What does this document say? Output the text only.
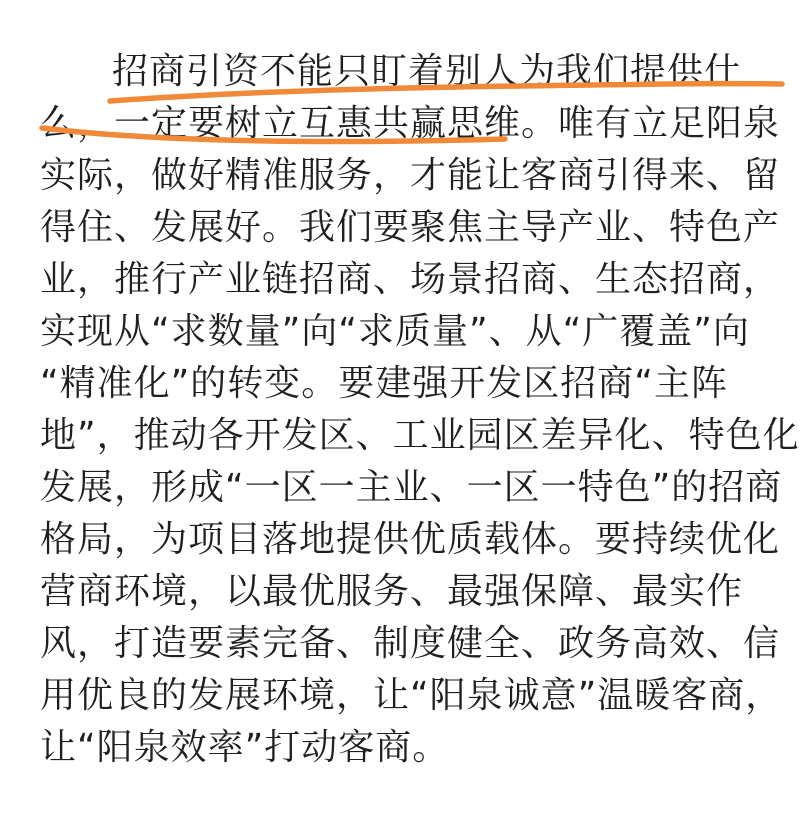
招商引资不能只盯着别人为我们提供什
么，一定要树立互惠共赢思维。唯有立足阳泉
实际，做好精准服务，才能让客商引得来、留
得住、发展好。我们要聚焦主导产业、特色产
业，推行产业链招商、场景招商、生态招商，
实现从“求数量”向“求质量”、从“广覆盖”向
“精准化”的转变。要建强开发区招商“主阵
地”，推动各开发区、工业园区差异化、特色化
发展，形成“一区一主业、一区一特色”的招商
格局，为项目落地提供优质载体。要持续优化
营商环境，以最优服务、最强保障、最实作
风，打造要素完备、制度健全、政务高效、信
用优良的发展环境，让“阳泉诚意”温暖客商，
让“阳泉效率”打动客商。
